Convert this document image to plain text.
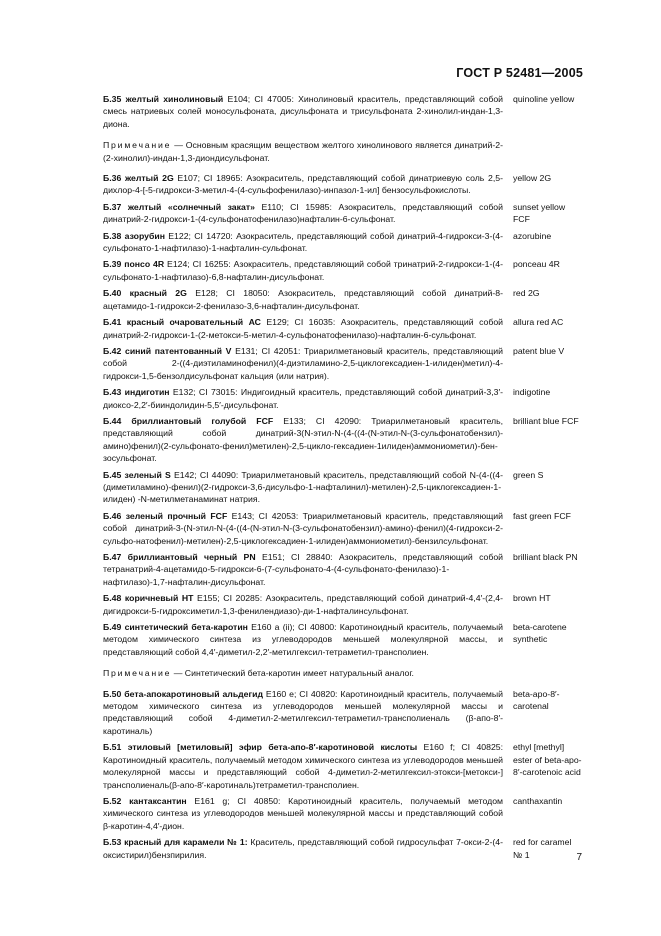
ГОСТ Р 52481—2005
Б.35 желтый хинолиновый Е104; CI 47005: Хинолиновый краситель, представляющий собой смесь натриевых солей моносульфоната, дисульфоната и трисульфоната 2-хинолил-индан-1,3-диона.
quinoline yellow
Примечание — Основным красящим веществом желтого хинолинового является динатрий-2-(2-хинолил)-индан-1,3-диондисульфонат.
Б.36 желтый 2G Е107; CI 18965: Азокраситель, представляющий собой динатриевую соль 2,5-дихлор-4-[-5-гидрокси-3-метил-4-(4-сульфофенилазо)-инпазол-1-ил] бензосульфокислоты.
yellow 2G
Б.37 желтый «солнечный закат» Е110; CI 15985: Азокраситель, представляющий собой динатрий-2-гидрокси-1-(4-сульфонатофенилазо)нафталин-6-сульфонат.
sunset yellow FCF
Б.38 азорубин Е122; CI 14720: Азокраситель, представляющий собой динатрий-4-гидрокси-3-(4-сульфонато-1-нафтилазо)-1-нафталин-сульфонат.
azorubine
Б.39 понсо 4R Е124; CI 16255: Азокраситель, представляющий собой тринатрий-2-гидрокси-1-(4-сульфонато-1-нафтилазо)-6,8-нафталин-дисульфонат.
ponceau 4R
Б.40 красный 2G Е128; CI 18050: Азокраситель, представляющий собой динатрий-8-ацетамидо-1-гидрокси-2-фенилазо-3,6-нафталин-дисульфонат.
red 2G
Б.41 красный очаровательный АС Е129; CI 16035: Азокраситель, представляющий собой динатрий-2-гидрокси-1-(2-метокси-5-метил-4-сульфонатофенилазо)-нафталин-6-сульфонат.
allura red AC
Б.42 синий патентованный V Е131; CI 42051: Триарилметановый краситель, представляющий собой 2-((4-диэтиламинофенил)(4-диэтиламино-2,5-циклогексадиен-1-илиден)метил)-4-гидрокси-1,5-бензолдисульфонат кальция (или натрия).
patent blue V
Б.43 индиготин Е132; CI 73015: Индигоидный краситель, представляющий собой динатрий-3,3′-диоксо-2,2′-бииндолидин-5,5′-дисульфонат.
indigotine
Б.44 бриллиантовый голубой FCF Е133; CI 42090: Триарилметановый краситель, представляющий собой динатрий-3(N-этил-N-(4-((4-(N-этил-N-(3-сульфонатобензил)-амино)фенил)(2-сульфонато-фенил)метилен)-2,5-цикло-гексадиен-1илиден)аммониометил)-бен-зосульфонат.
brilliant blue FCF
Б.45 зеленый S Е142; CI 44090: Триарилметановый краситель, представляющий собой N-(4-((4-(диметиламино)-фенил)(2-гидрокси-3,6-дисульфо-1-нафталинил)-метилен)-2,5-циклогексадиен-1-илиден) -N-метилметанаминат натрия.
green S
Б.46 зеленый прочный FCF Е143; CI 42053: Триарилметановый краситель, представляющий собой динатрий-3-(N-этил-N-(4-((4-(N-этил-N-(3-сульфонатобензил)-амино)-фенил)(4-гидрокси-2-сульфо-натофенил)-метилен)-2,5-циклогексадиен-1-илиден)аммониометил)-бензилсульфонат.
fast green FCF
Б.47 бриллиантовый черный PN Е151; CI 28840: Азокраситель, представляющий собой тетранатрий-4-ацетамидо-5-гидрокси-6-(7-сульфонато-4-(4-сульфонато-фенилазо)-1-нафтилазо)-1,7-нафталин-дисульфонат.
brilliant black PN
Б.48 коричневый НТ Е155; CI 20285: Азокраситель, представляющий собой динатрий-4,4′-(2,4-дигидрокси-5-гидроксиметил-1,3-фенилендиазо)-ди-1-нафталинсульфонат.
brown HT
Б.49 синтетический бета-каротин Е160 а (ii); CI 40800: Каротиноидный краситель, получаемый методом химического синтеза из углеводородов меньшей молекулярной массы, и представляющий собой 4,4′-диметил-2,2′-метилгексил-тетраметил-трансполиен.
beta-carotene synthetic
Примечание — Синтетический бета-каротин имеет натуральный аналог.
Б.50 бета-апокаротиновый альдегид Е160 е; CI 40820: Каротиноидный краситель, получаемый методом химического синтеза из углеводородов меньшей молекулярной массы и представляющий собой 4-диметил-2-метилгексил-тетраметил-трансполиеналь (β-апо-8′-каротиналь)
beta-apo-8′-carotenal
Б.51 этиловый [метиловый] эфир бета-апо-8′-каротиновой кислоты Е160 f; CI 40825: Каротиноидный краситель, получаемый методом химического синтеза из углеводородов меньшей молекулярной массы и представляющий собой 4-диметил-2-метилгексил-этокси-[метокси-] трансполиеналь(β-апо-8′-каротиналь)тетраметил-трансполиен.
ethyl [methyl] ester of beta-apo-8′-carotenoic acid
Б.52 кантаксантин Е161 g; CI 40850: Каротиноидный краситель, получаемый методом химического синтеза из углеводородов меньшей молекулярной массы и представляющий собой β-каротин-4,4′-дион.
canthaxantin
Б.53 красный для карамели № 1: Краситель, представляющий собой гидросульфат 7-окси-2-(4-оксистирил)бензпирилия.
red for caramel № 1	7
